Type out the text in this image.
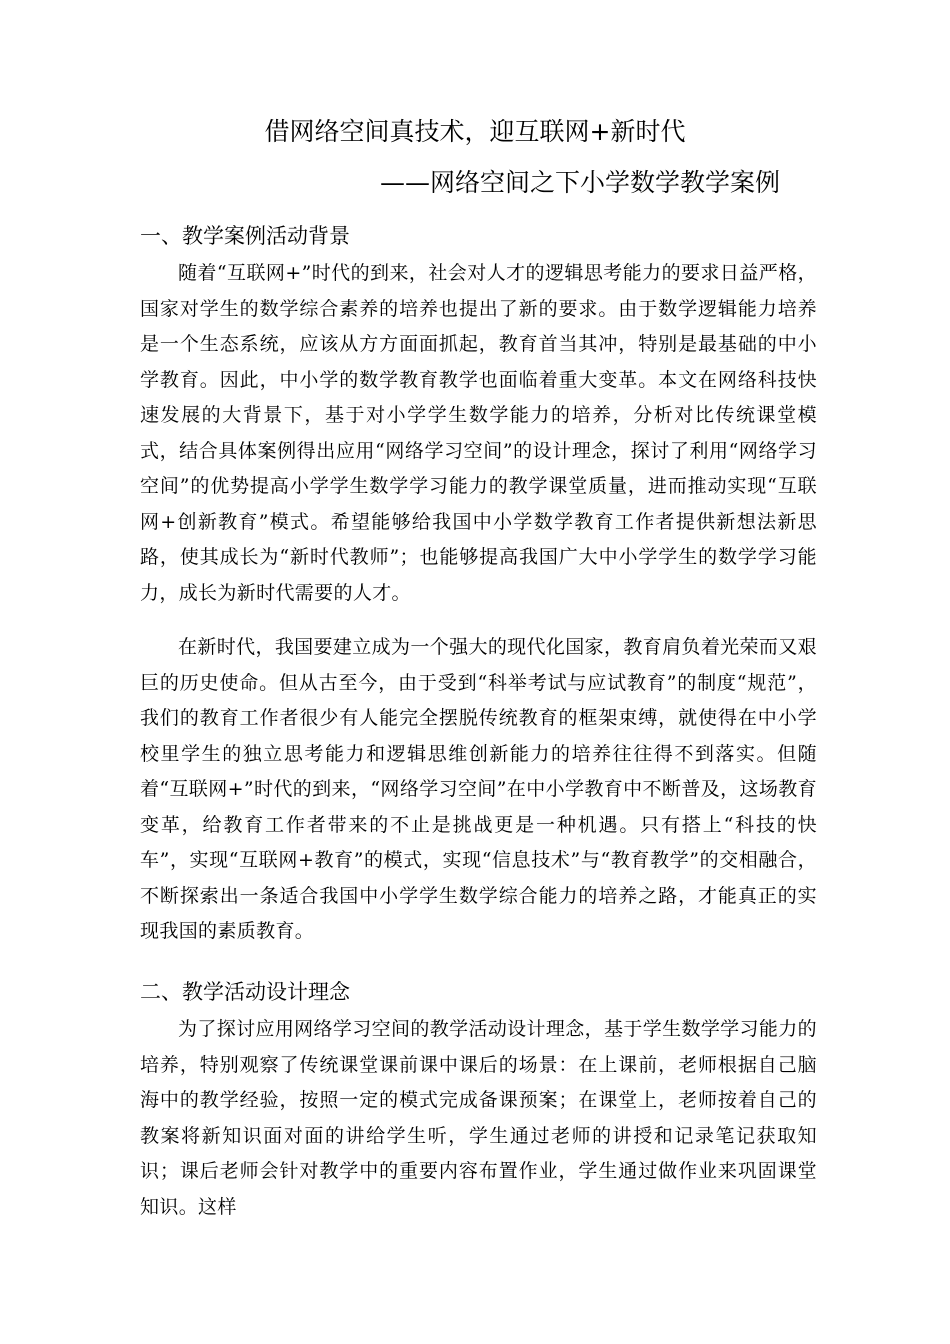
借网络空间真技术，迎互联网+新时代
——网络空间之下小学数学教学案例
一、教学案例活动背景

随着“互联网+”时代的到来，社会对人才的逻辑思考能力的要求日益严格，国家对学生的数学综合素养的培养也提出了新的要求。由于数学逻辑能力培养是一个生态系统，应该从方方面面抓起，教育首当其冲，特别是最基础的中小学教育。因此，中小学的数学教育教学也面临着重大变革。本文在网络科技快速发展的大背景下，基于对小学学生数学能力的培养，分析对比传统课堂模式，结合具体案例得出应用“网络学习空间”的设计理念，探讨了利用“网络学习空间”的优势提高小学学生数学学习能力的教学课堂质量，进而推动实现“互联网+创新教育”模式。希望能够给我国中小学数学教育工作者提供新想法新思路，使其成长为“新时代教师”；也能够提高我国广大中小学学生的数学学习能力，成长为新时代需要的人才。

在新时代，我国要建立成为一个强大的现代化国家，教育肩负着光荣而又艰巨的历史使命。但从古至今，由于受到“科举考试与应试教育”的制度“规范”，我们的教育工作者很少有人能完全摆脱传统教育的框架束缚，就使得在中小学校里学生的独立思考能力和逻辑思维创新能力的培养往往得不到落实。但随着“互联网+”时代的到来，“网络学习空间”在中小学教育中不断普及，这场教育变革，给教育工作者带来的不止是挑战更是一种机遇。只有搭上“科技的快车”，实现“互联网+教育”的模式，实现“信息技术”与“教育教学”的交相融合，不断探索出一条适合我国中小学学生数学综合能力的培养之路，才能真正的实现我国的素质教育。

二、教学活动设计理念

为了探讨应用网络学习空间的教学活动设计理念，基于学生数学学习能力的培养，特别观察了传统课堂课前课中课后的场景：在上课前，老师根据自己脑海中的教学经验，按照一定的模式完成备课预案；在课堂上，老师按着自己的教案将新知识面对面的讲给学生听，学生通过老师的讲授和记录笔记获取知识；课后老师会针对教学中的重要内容布置作业，学生通过做作业来巩固课堂知识。这样
